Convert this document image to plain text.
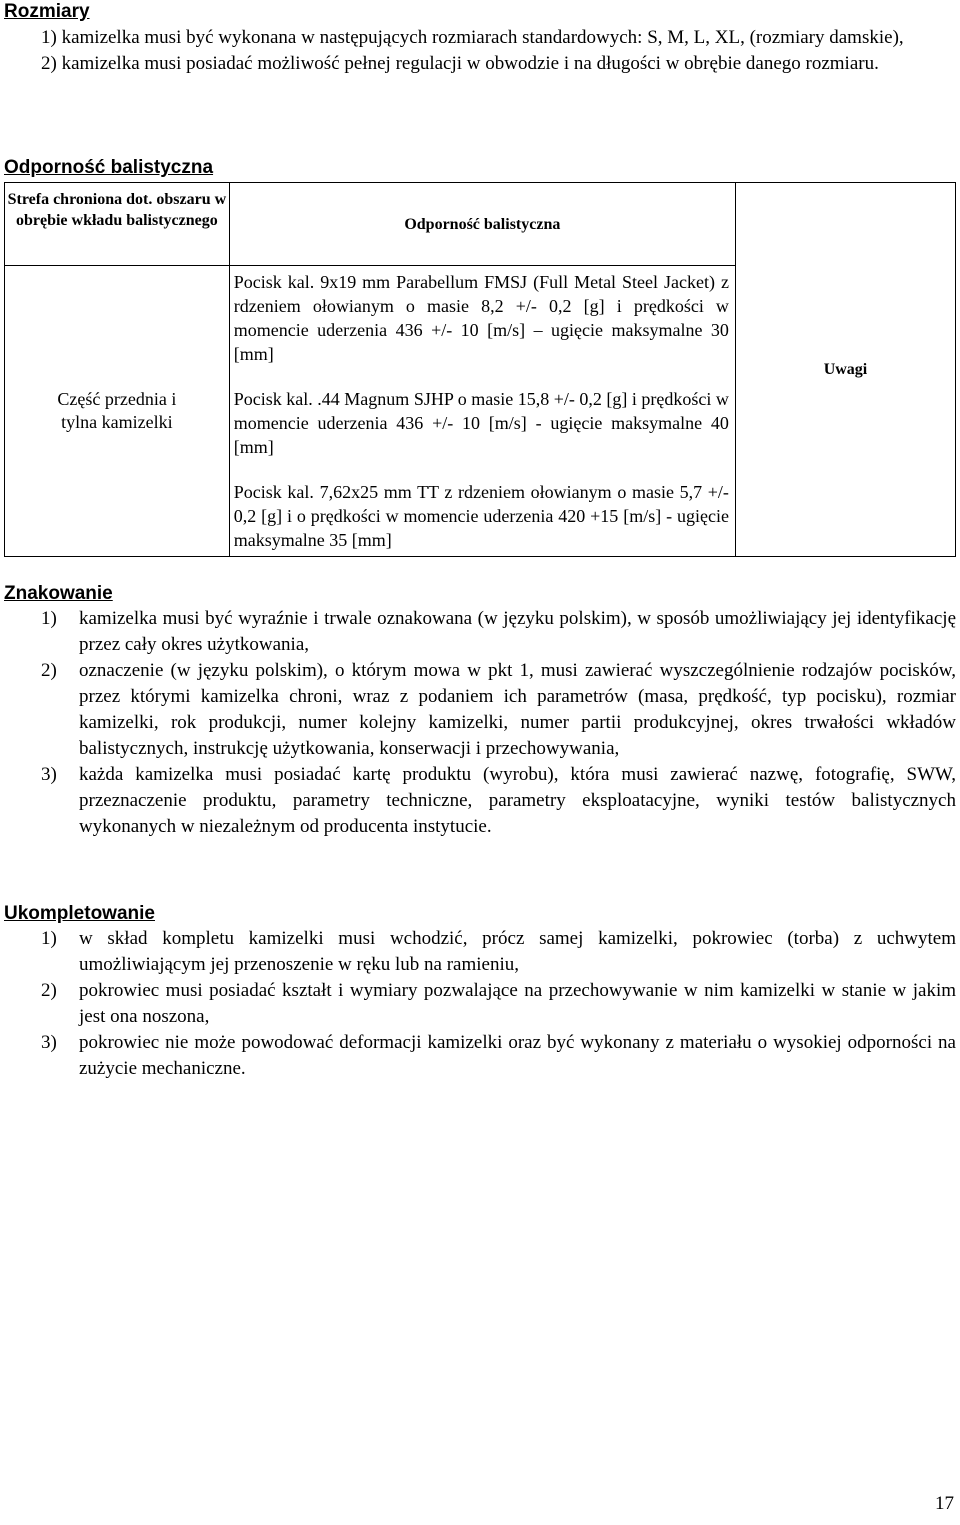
Rozmiary
1) kamizelka musi być wykonana w następujących rozmiarach standardowych: S, M, L, XL, (rozmiary damskie),
2) kamizelka musi posiadać możliwość pełnej regulacji w obwodzie i na długości w obrębie danego rozmiaru.
Odporność balistyczna
Strefa chroniona dot. obszaru w obrębie wkładu balistycznego	Odporność balistyczna	Uwagi

Część przednia i tylna kamizelki	Pocisk kal. 9x19 mm Parabellum FMSJ (Full Metal Steel Jacket) z rdzeniem ołowianym o masie 8,2 +/- 0,2 [g] i prędkości w momencie uderzenia 436 +/- 10 [m/s] – ugięcie maksymalne 30 [mm]
Pocisk kal. .44 Magnum SJHP o masie 15,8 +/- 0,2 [g] i prędkości w momencie uderzenia 436 +/- 10 [m/s] - ugięcie maksymalne 40 [mm]
Pocisk kal. 7,62x25 mm TT z rdzeniem ołowianym o masie 5,7 +/- 0,2 [g] i o prędkości w momencie uderzenia 420 +15 [m/s] - ugięcie maksymalne 35 [mm]	
Znakowanie
1) kamizelka musi być wyraźnie i trwale oznakowana (w języku polskim), w sposób umożliwiający jej identyfikację przez cały okres użytkowania,
2) oznaczenie (w języku polskim), o którym mowa w pkt 1, musi zawierać wyszczególnienie rodzajów pocisków, przez którymi kamizelka chroni, wraz z podaniem ich parametrów (masa, prędkość, typ pocisku), rozmiar kamizelki, rok produkcji, numer kolejny kamizelki, numer partii produkcyjnej, okres trwałości wkładów balistycznych, instrukcję użytkowania, konserwacji i przechowywania,
3) każda kamizelka musi posiadać kartę produktu (wyrobu), która musi zawierać nazwę, fotografię, SWW, przeznaczenie produktu, parametry techniczne, parametry eksploatacyjne, wyniki testów balistycznych wykonanych w niezależnym od producenta instytucie.
Ukompletowanie
1) w skład kompletu kamizelki musi wchodzić, prócz samej kamizelki, pokrowiec (torba) z uchwytem umożliwiającym jej przenoszenie w ręku lub na ramieniu,
2) pokrowiec musi posiadać kształt i wymiary pozwalające na przechowywanie w nim kamizelki w stanie w jakim jest ona noszona,
3) pokrowiec nie może powodować deformacji kamizelki oraz być wykonany z materiału o wysokiej odporności na zużycie mechaniczne.
17
